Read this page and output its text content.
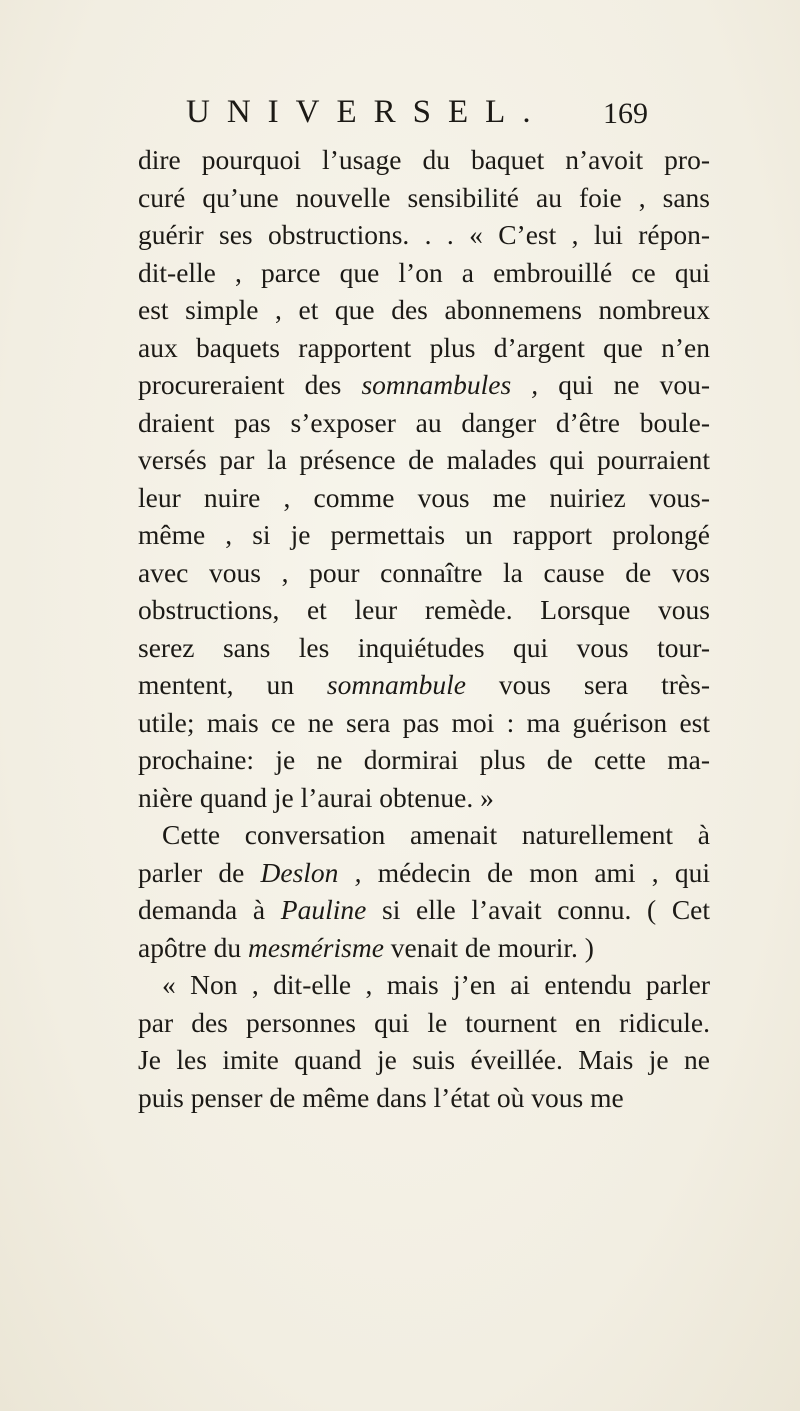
UNIVERSEL. 169
dire pourquoi l’usage du baquet n’avoit pro-
curé qu’une nouvelle sensibilité au foie , sans
guérir ses obstructions. . . « C’est , lui répon-
dit-elle , parce que l’on a embrouillé ce qui
est simple , et que des abonnemens nombreux
aux baquets rapportent plus d’argent que n’en
procureraient des somnambules , qui ne vou-
draient pas s’exposer au danger d’être boule-
versés par la présence de malades qui pourraient
leur nuire , comme vous me nuiriez vous-
même , si je permettais un rapport prolongé
avec vous , pour connaître la cause de vos
obstructions, et leur remède. Lorsque vous
serez sans les inquiétudes qui vous tour-
mentent, un somnambule vous sera très-
utile; mais ce ne sera pas moi : ma guérison est
prochaine: je ne dormirai plus de cette ma-
nière quand je l’aurai obtenue. »
Cette conversation amenait naturellement à
parler de Deslon , médecin de mon ami , qui
demanda à Pauline si elle l’avait connu. ( Cet
apôtre du mesmérisme venait de mourir. )
« Non , dit-elle , mais j’en ai entendu parler
par des personnes qui le tournent en ridicule.
Je les imite quand je suis éveillée. Mais je ne
puis penser de même dans l’état où vous me
